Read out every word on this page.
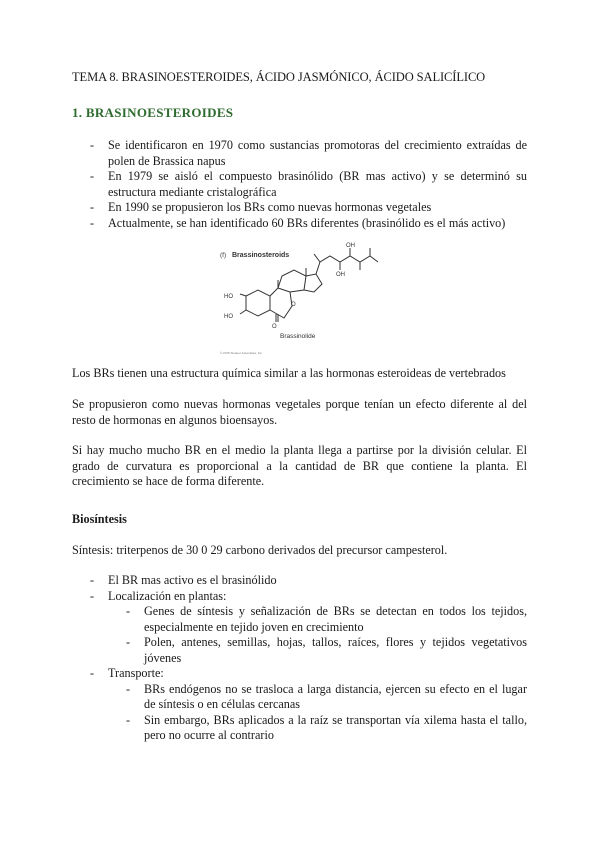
TEMA 8. BRASINOESTEROIDES, ÁCIDO JASMÓNICO, ÁCIDO SALICÍLICO
1. BRASINOESTEROIDES
- Se identificaron en 1970 como sustancias promotoras del crecimiento extraídas de polen de Brassica napus
- En 1979 se aisló el compuesto brasinólido (BR mas activo) y se determinó su estructura mediante cristalográfica
- En 1990 se propusieron los BRs como nuevas hormonas vegetales
- Actualmente, se han identificado 60 BRs diferentes (brasinólido es el más activo)
(f) Brassinosteroids
HO
HO
O
O
OH
OH
Brassinolide
© 2015 Sinauer Associates, Inc.
Los BRs tienen una estructura química similar a las hormonas esteroideas de vertebrados
Se propusieron como nuevas hormonas vegetales porque tenían un efecto diferente al del resto de hormonas en algunos bioensayos.
Si hay mucho mucho BR en el medio la planta llega a partirse por la división celular. El grado de curvatura es proporcional a la cantidad de BR que contiene la planta. El crecimiento se hace de forma diferente.
Biosíntesis
Síntesis: triterpenos de 30 0 29 carbono derivados del precursor campesterol.
- El BR mas activo es el brasinólido
- Localización en plantas:
- Genes de síntesis y señalización de BRs se detectan en todos los tejidos, especialmente en tejido joven en crecimiento
- Polen, antenes, semillas, hojas, tallos, raíces, flores y tejidos vegetativos jóvenes
- Transporte:
- BRs endógenos no se trasloca a larga distancia, ejercen su efecto en el lugar de síntesis o en células cercanas
- Sin embargo, BRs aplicados a la raíz se transportan vía xilema hasta el tallo, pero no ocurre al contrario
